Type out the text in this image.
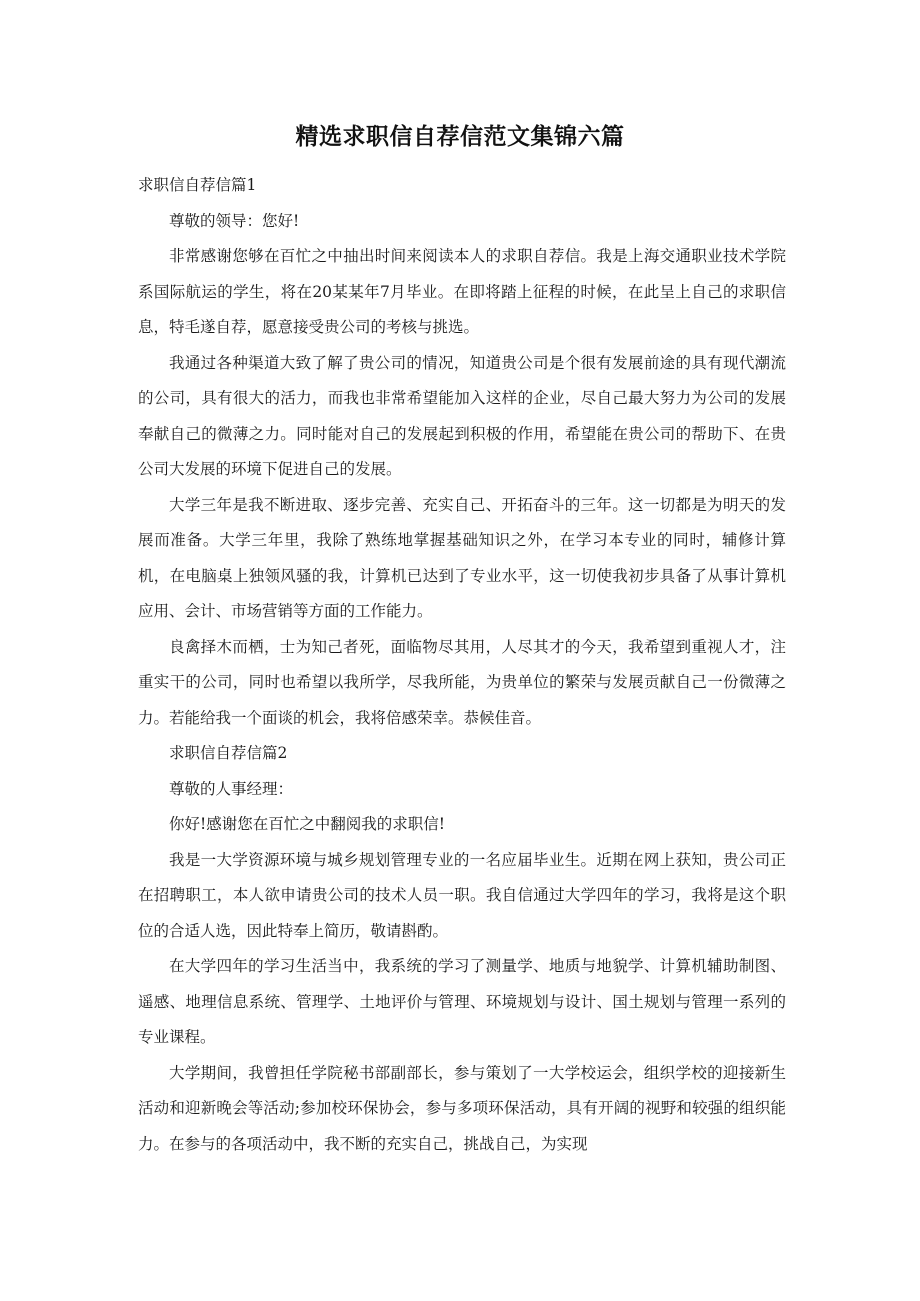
精选求职信自荐信范文集锦六篇

求职信自荐信篇1

尊敬的领导：您好!

非常感谢您够在百忙之中抽出时间来阅读本人的求职自荐信。我是上海交通职业技术学院系国际航运的学生，将在20某某年7月毕业。在即将踏上征程的时候，在此呈上自己的求职信息，特毛遂自荐，愿意接受贵公司的考核与挑选。

我通过各种渠道大致了解了贵公司的情况，知道贵公司是个很有发展前途的具有现代潮流的公司，具有很大的活力，而我也非常希望能加入这样的企业，尽自己最大努力为公司的发展奉献自己的微薄之力。同时能对自己的发展起到积极的作用，希望能在贵公司的帮助下、在贵公司大发展的环境下促进自己的发展。

大学三年是我不断进取、逐步完善、充实自己、开拓奋斗的三年。这一切都是为明天的发展而准备。大学三年里，我除了熟练地掌握基础知识之外，在学习本专业的同时，辅修计算机，在电脑桌上独领风骚的我，计算机已达到了专业水平，这一切使我初步具备了从事计算机应用、会计、市场营销等方面的工作能力。

良禽择木而栖，士为知己者死，面临物尽其用，人尽其才的今天，我希望到重视人才，注重实干的公司，同时也希望以我所学，尽我所能，为贵单位的繁荣与发展贡献自己一份微薄之力。若能给我一个面谈的机会，我将倍感荣幸。恭候佳音。

求职信自荐信篇2

尊敬的人事经理：

你好!感谢您在百忙之中翻阅我的求职信!

我是一大学资源环境与城乡规划管理专业的一名应届毕业生。近期在网上获知，贵公司正在招聘职工，本人欲申请贵公司的技术人员一职。我自信通过大学四年的学习，我将是这个职位的合适人选，因此特奉上简历，敬请斟酌。

在大学四年的学习生活当中，我系统的学习了测量学、地质与地貌学、计算机辅助制图、遥感、地理信息系统、管理学、土地评价与管理、环境规划与设计、国土规划与管理一系列的专业课程。

大学期间，我曾担任学院秘书部副部长，参与策划了一大学校运会，组织学校的迎接新生活动和迎新晚会等活动;参加校环保协会，参与多项环保活动，具有开阔的视野和较强的组织能力。在参与的各项活动中，我不断的充实自己，挑战自己，为实现
